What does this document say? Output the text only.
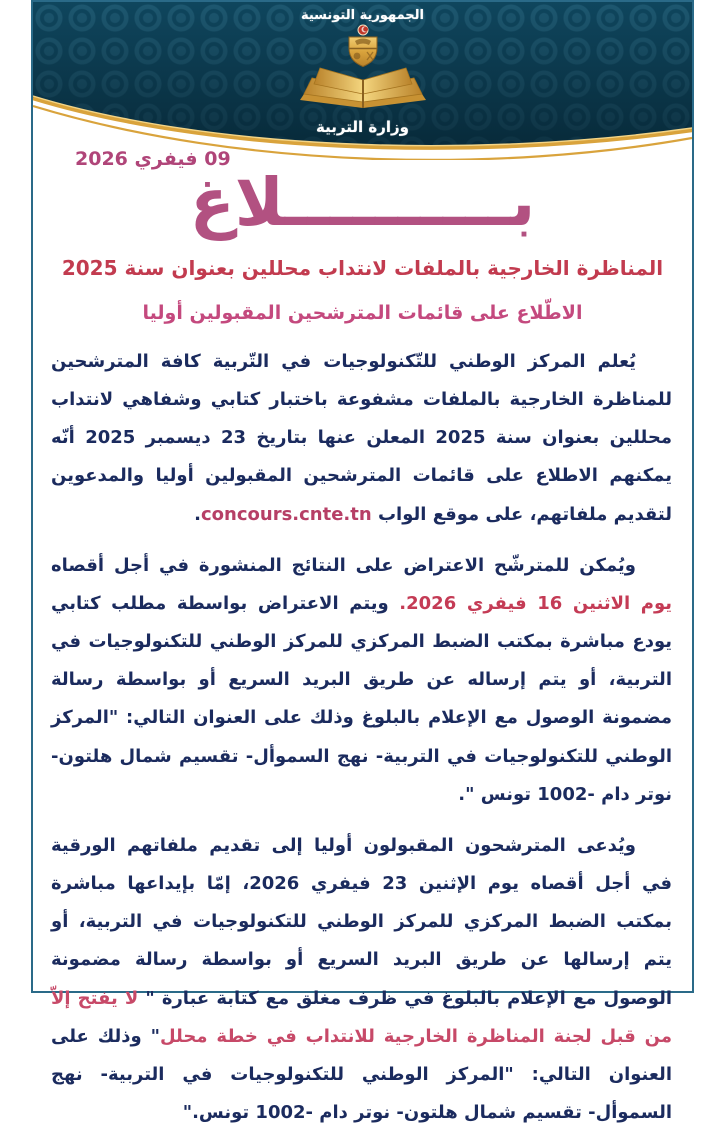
الجمهورية التونسية
وزارة التربية
09 فيفري 2026
بــــــــــلاغ
المناظرة الخارجية بالملفات لانتداب محللين بعنوان سنة 2025
الاطّلاع على قائمات المترشحين المقبولين أوليا

يُعلم المركز الوطني للتّكنولوجيات في التّربية كافة المترشحين للمناظرة الخارجية بالملفات مشفوعة باختبار كتابي وشفاهي لانتداب محللين بعنوان سنة 2025 المعلن عنها بتاريخ 23 ديسمبر 2025 أنّه يمكنهم الاطلاع على قائمات المترشحين المقبولين أوليا والمدعوين لتقديم ملفاتهم، على موقع الواب concours.cnte.tn.

ويُمكن للمترشّح الاعتراض على النتائج المنشورة في أجل أقصاه يوم الاثنين 16 فيفري 2026. ويتم الاعتراض بواسطة مطلب كتابي يودع مباشرة بمكتب الضبط المركزي للمركز الوطني للتكنولوجيات في التربية، أو يتم إرساله عن طريق البريد السريع أو بواسطة رسالة مضمونة الوصول مع الإعلام بالبلوغ وذلك على العنوان التالي: "المركز الوطني للتكنولوجيات في التربية- نهج السموأل- تقسيم شمال هلتون- نوتر دام -1002 تونس ".

ويُدعى المترشحون المقبولون أوليا إلى تقديم ملفاتهم الورقية في أجل أقصاه يوم الإثنين 23 فيفري 2026، إمّا بإيداعها مباشرة بمكتب الضبط المركزي للمركز الوطني للتكنولوجيات في التربية، أو يتم إرسالها عن طريق البريد السريع أو بواسطة رسالة مضمونة الوصول مع الإعلام بالبلوغ في ظرف مغلق مع كتابة عبارة " لا يفتح إلاّ من قبل لجنة المناظرة الخارجية للانتداب في خطة محلل" وذلك على العنوان التالي: "المركز الوطني للتكنولوجيات في التربية- نهج السموأل- تقسيم شمال هلتون- نوتر دام -1002 تونس."
